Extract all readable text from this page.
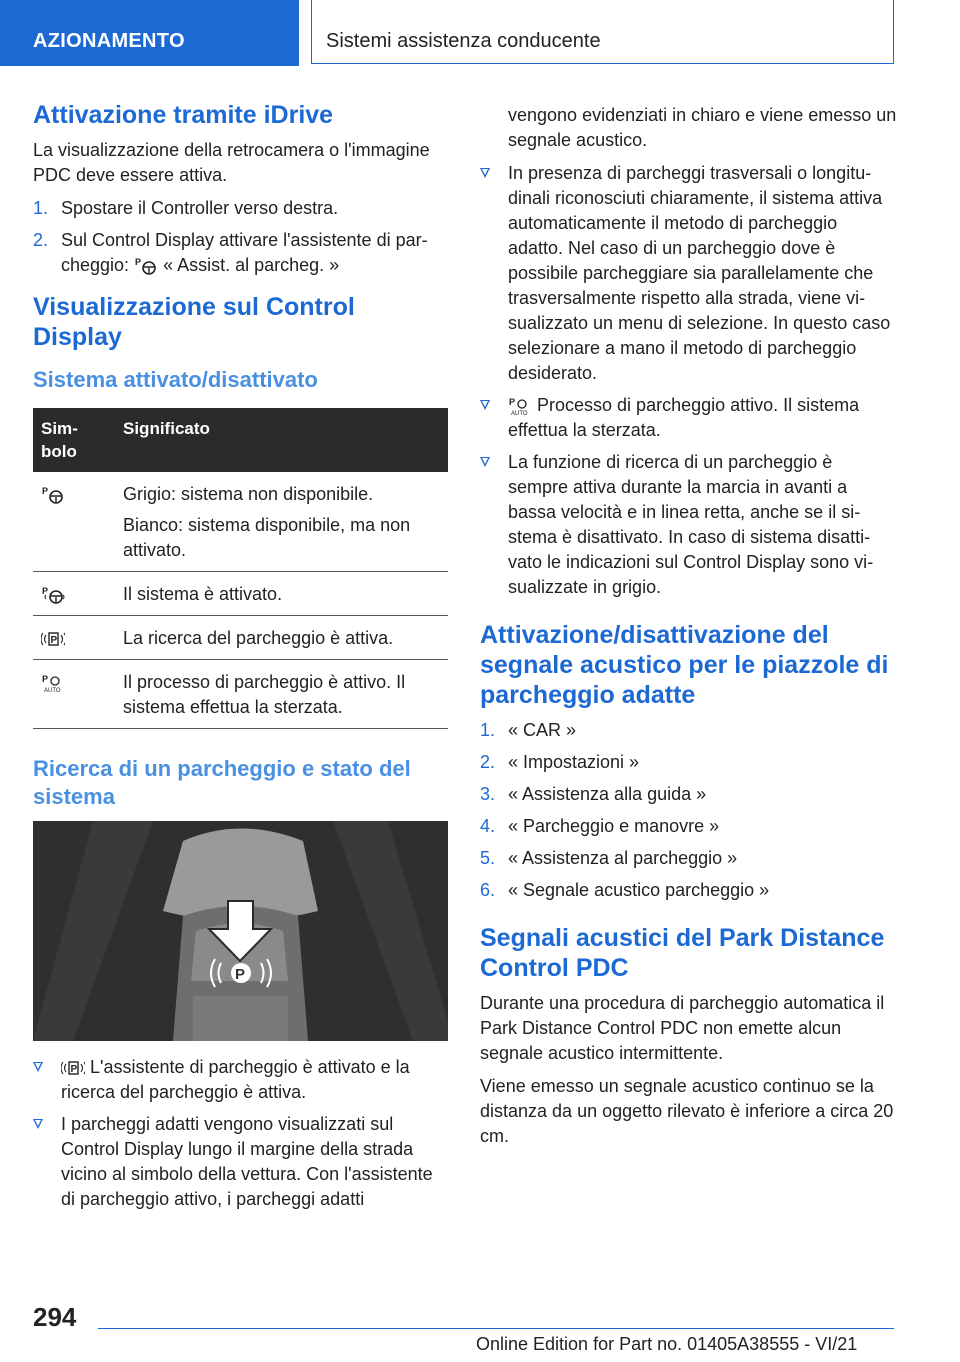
AZIONAMENTO	Sistemi assistenza conducente
Attivazione tramite iDrive

La visualizzazione della retrocamera o l'immagine PDC deve essere attiva.

1. Spostare il Controller verso destra.
2. Sul Control Display attivare l'assistente di parcheggio: P « Assist. al parcheg. »
Visualizzazione sul Control Display
Sistema attivato/disattivato
Simbolo	Significato

P	Grigio: sistema non disponibile.
Bianco: sistema disponibile, ma non attivato.

P	Il sistema è attivato.

P	La ricerca del parcheggio è attiva.

P
AUTO	Il processo di parcheggio è attivo. Il sistema effettua la sterzata.
Ricerca di un parcheggio e stato del sistema
P
P L'assistente di parcheggio è attivato e la ricerca del parcheggio è attiva.
I parcheggi adatti vengono visualizzati sul Control Display lungo il margine della strada vicino al simbolo della vettura. Con l'assistente di parcheggio attivo, i parcheggi adatti

vengono evidenziati in chiaro e viene emesso un segnale acustico.

In presenza di parcheggi trasversali o longitudinali riconosciuti chiaramente, il sistema attiva automaticamente il metodo di parcheggio adatto. Nel caso di un parcheggio dove è possibile parcheggiare sia parallelamente che trasversalmente rispetto alla strada, viene visualizzato un menu di selezione. In questo caso selezionare a mano il metodo di parcheggio desiderato.
P
AUTO Processo di parcheggio attivo. Il sistema effettua la sterzata.
La funzione di ricerca di un parcheggio è sempre attiva durante la marcia in avanti a bassa velocità e in linea retta, anche se il sistema è disattivato. In caso di sistema disattivato le indicazioni sul Control Display sono visualizzate in grigio.
Attivazione/disattivazione del segnale acustico per le piazzole di parcheggio adatte
1. « CAR »
2. « Impostazioni »
3. « Assistenza alla guida »
4. « Parcheggio e manovre »
5. « Assistenza al parcheggio »
6. « Segnale acustico parcheggio »
Segnali acustici del Park Distance Control PDC

Durante una procedura di parcheggio automatica il Park Distance Control PDC non emette alcun segnale acustico intermittente.

Viene emesso un segnale acustico continuo se la distanza da un oggetto rilevato è inferiore a circa 20 cm.

294
Online Edition for Part no. 01405A38555 - VI/21
